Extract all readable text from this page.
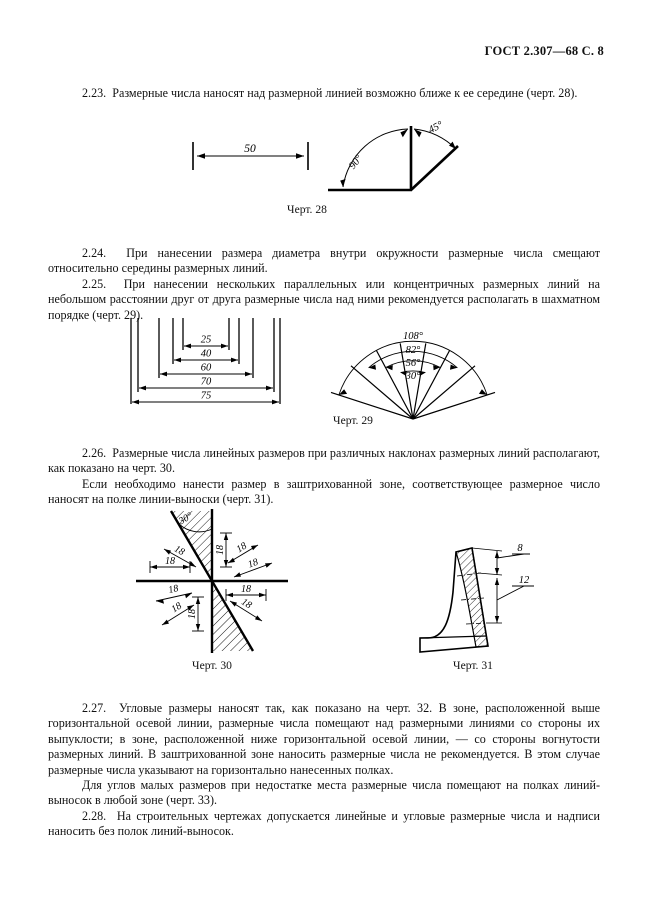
ГОСТ 2.307—68 С. 8
2.23. Размерные числа наносят над размерной линией возможно ближе к ее середине (черт. 28).
50
90°
45°
Черт. 28
2.24. При нанесении размера диаметра внутри окружности размерные числа смещают относительно середины размерных линий.
2.25. При нанесении нескольких параллельных или концентричных размерных линий на небольшом расстоянии друг от друга размерные числа над ними рекомендуется располагать в шахматном порядке (черт. 29).
25
40
60
70
75
108°
82°
56°
30°
Черт. 29
2.26. Размерные числа линейных размеров при различных наклонах размерных линий располагают, как показано на черт. 30.
Если необходимо нанести размер в заштрихованной зоне, соответствующее размерное число наносят на полке линии-выноски (черт. 31).
30°
18
18
18
18
18
18
18
18
18	18
8
12
Черт. 30	Черт. 31
2.27. Угловые размеры наносят так, как показано на черт. 32. В зоне, расположенной выше горизонтальной осевой линии, размерные числа помещают над размерными линиями со стороны их выпуклости; в зоне, расположенной ниже горизонтальной осевой линии, — со стороны вогнутости размерных линий. В заштрихованной зоне наносить размерные числа не рекомендуется. В этом случае размерные числа указывают на горизонтально нанесенных полках.
Для углов малых размеров при недостатке места размерные числа помещают на полках линий-выносок в любой зоне (черт. 33).
2.28. На строительных чертежах допускается линейные и угловые размерные числа и надписи наносить без полок линий-выносок.
